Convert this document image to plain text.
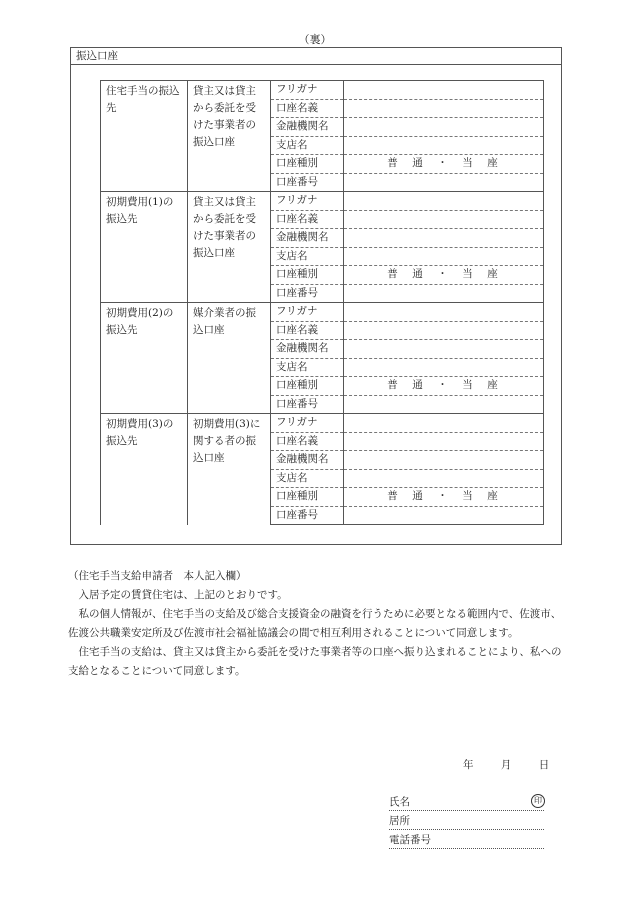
（裏）
振込口座
住宅手当の振込先	貸主又は貸主から委託を受けた事業者の振込口座	フリガナ	
		口座名義	
		金融機関名	
		支店名	
		口座種別	普　通　・　当　座

		口座番号	
初期費用(1)の振込先	貸主又は貸主から委託を受けた事業者の振込口座	フリガナ	
		口座名義	
		金融機関名	
		支店名	
		口座種別	普　通　・　当　座

		口座番号	
初期費用(2)の振込先	媒介業者の振込口座	フリガナ	
		口座名義	
		金融機関名	
		支店名	
		口座種別	普　通　・　当　座

		口座番号	
初期費用(3)の振込先	初期費用(3)に関する者の振込口座	フリガナ	
		口座名義	
		金融機関名	
		支店名	
		口座種別	普　通　・　当　座

		口座番号	

（住宅手当支給申請者　本人記入欄）

入居予定の賃貸住宅は、上記のとおりです。

私の個人情報が、住宅手当の支給及び総合支援資金の融資を行うために必要となる範囲内で、佐渡市、佐渡公共職業安定所及び佐渡市社会福祉協議会の間で相互利用されることについて同意します。

住宅手当の支給は、貸主又は貸主から委託を受けた事業者等の口座へ振り込まれることにより、私への支給となることについて同意します。

年	月	日
氏名	印
居所
電話番号
